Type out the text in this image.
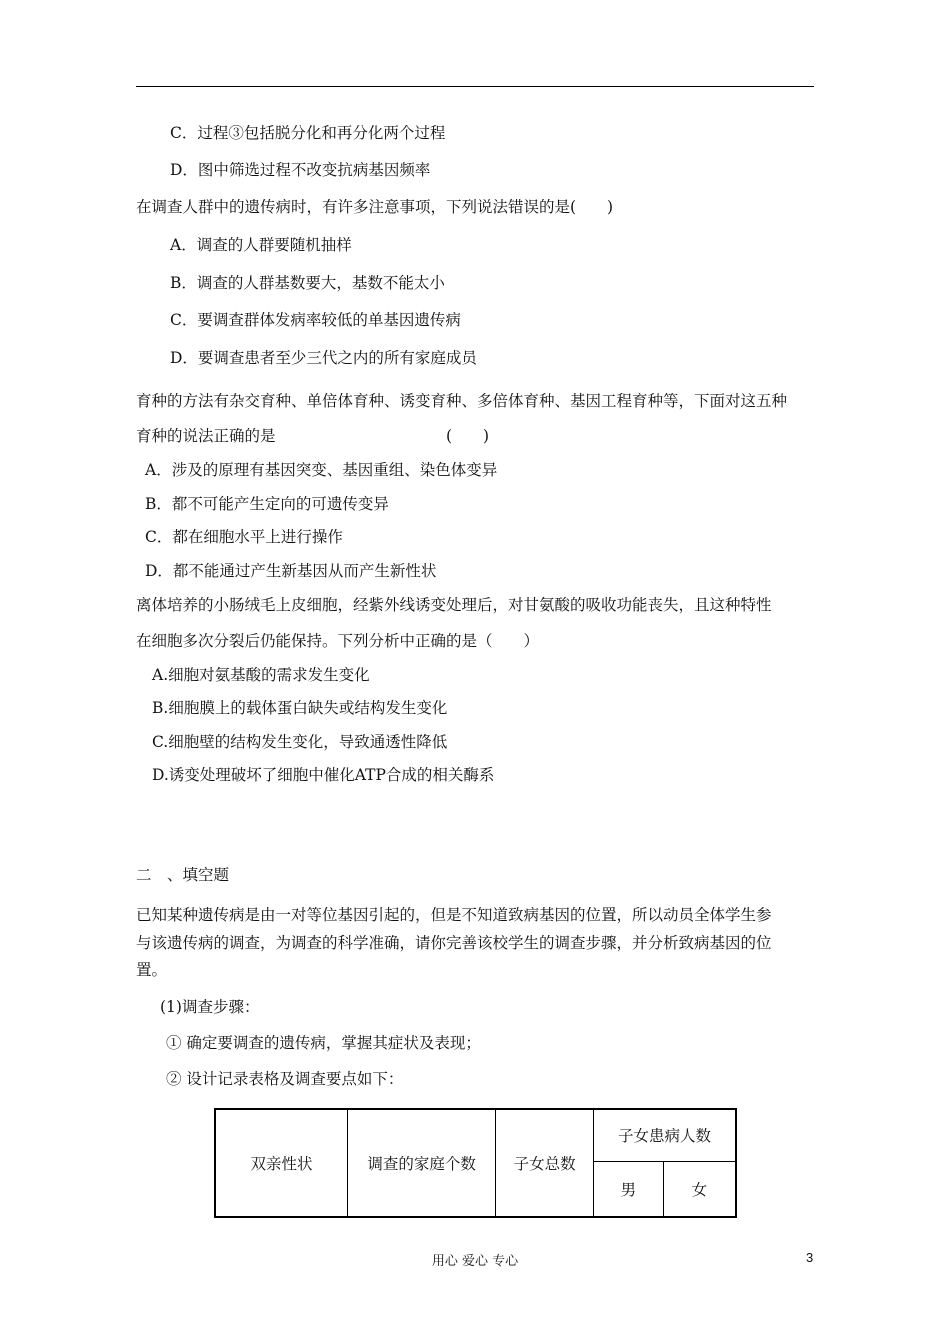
C．过程③包括脱分化和再分化两个过程
D．图中筛选过程不改变抗病基因频率
在调查人群中的遗传病时，有许多注意事项，下列说法错误的是(　　)
A．调查的人群要随机抽样
B．调查的人群基数要大，基数不能太小
C．要调查群体发病率较低的单基因遗传病
D．要调查患者至少三代之内的所有家庭成员
育种的方法有杂交育种、单倍体育种、诱变育种、多倍体育种、基因工程育种等，下面对这五种
育种的说法正确的是　　　　　　　　　　　(　　)
A．涉及的原理有基因突变、基因重组、染色体变异
B．都不可能产生定向的可遗传变异
C．都在细胞水平上进行操作
D．都不能通过产生新基因从而产生新性状
离体培养的小肠绒毛上皮细胞，经紫外线诱变处理后，对甘氨酸的吸收功能丧失，且这种特性
在细胞多次分裂后仍能保持。下列分析中正确的是（　　）
A.细胞对氨基酸的需求发生变化
B.细胞膜上的载体蛋白缺失或结构发生变化
C.细胞壁的结构发生变化，导致通透性降低
D.诱变处理破坏了细胞中催化ATP合成的相关酶系
二　、填空题
已知某种遗传病是由一对等位基因引起的，但是不知道致病基因的位置，所以动员全体学生参
与该遗传病的调查，为调查的科学准确，请你完善该校学生的调查步骤，并分析致病基因的位
置。
(1)调查步骤：
① 确定要调查的遗传病，掌握其症状及表现；
② 设计记录表格及调查要点如下：
双亲性状	调查的家庭个数	子女总数	子女患病人数	
			男	女
用心 爱心 专心	3
